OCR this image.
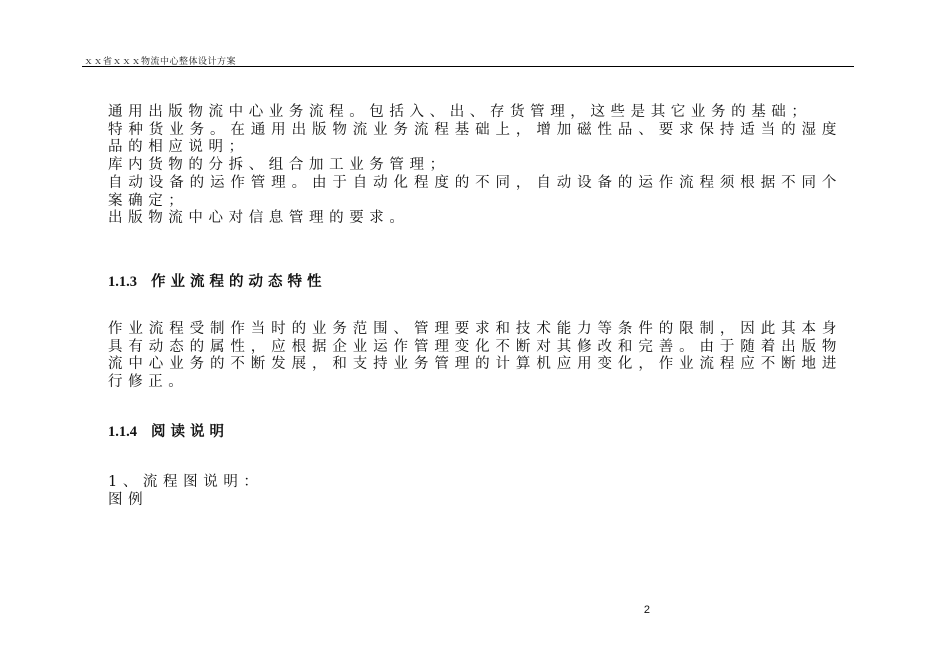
ｘｘ省ｘｘｘ物流中心整体设计方案
通用出版物流中心业务流程。包括入、出、存货管理，这些是其它业务的基础；
特种货业务。在通用出版物流业务流程基础上，增加磁性品、要求保持适当的湿度品的相应说明；
库内货物的分拆、组合加工业务管理；
自动设备的运作管理。由于自动化程度的不同，自动设备的运作流程须根据不同个案确定；
出版物流中心对信息管理的要求。
1.1.3 作业流程的动态特性
作业流程受制作当时的业务范围、管理要求和技术能力等条件的限制，因此其本身具有动态的属性，应根据企业运作管理变化不断对其修改和完善。由于随着出版物流中心业务的不断发展，和支持业务管理的计算机应用变化，作业流程应不断地进行修正。
1.1.4 阅读说明
1、流程图说明：
图例
2
